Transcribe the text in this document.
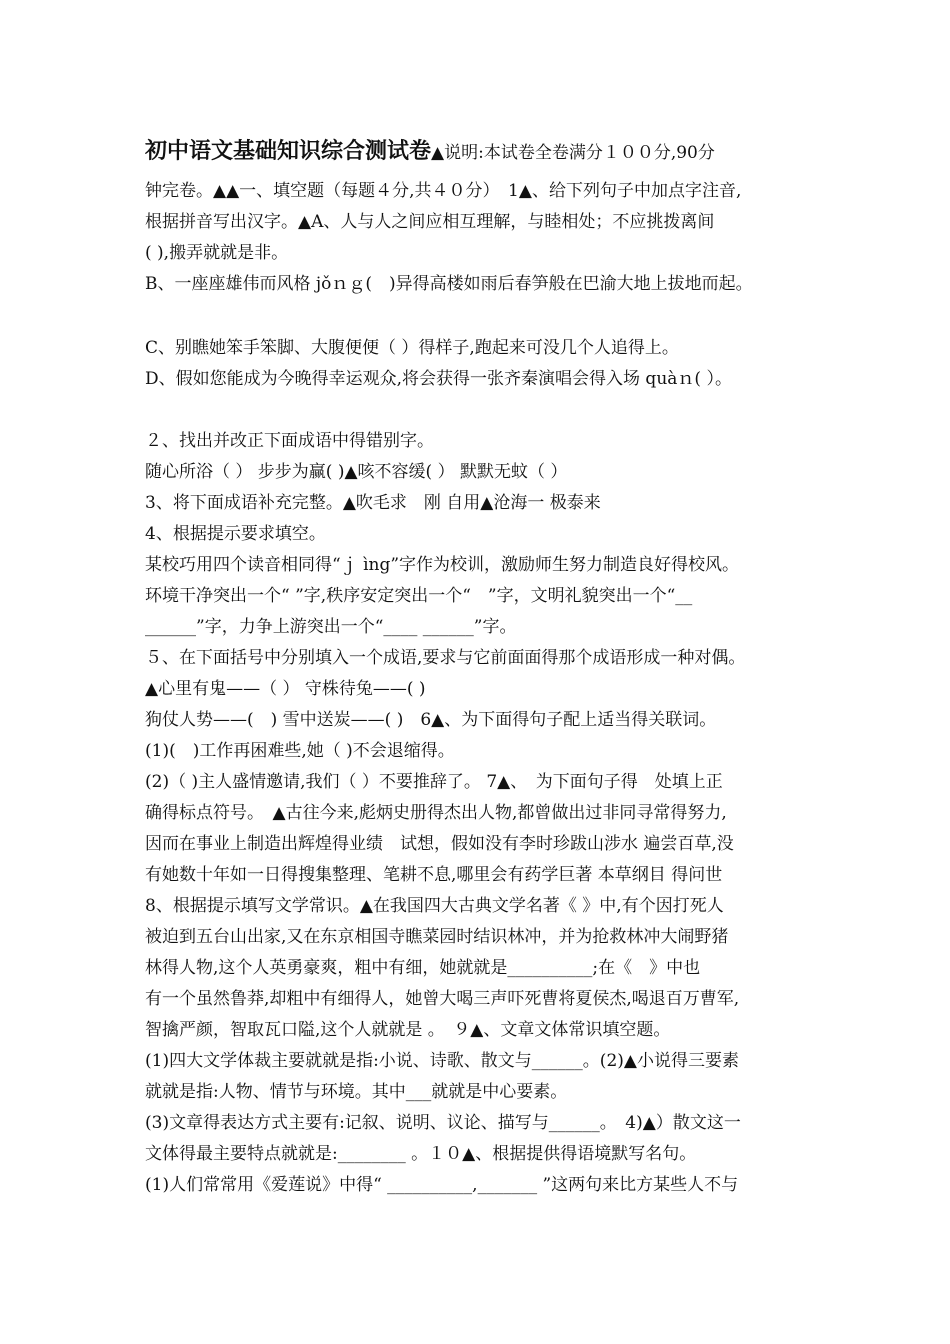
初中语文基础知识综合测试卷▲说明:本试卷全卷满分１００分,90分
钟完卷。▲▲一、填空题（每题４分,共４０分）　1▲、给下列句子中加点字注音,
根据拼音写出汉字。▲A、人与人之间应相互理解，与睦相处；不应挑拨离间
( ),搬弄就就是非。
B、一座座雄伟而风格 jǒｎｇ(　)异得高楼如雨后春笋般在巴渝大地上拔地而起。
C、别瞧她笨手笨脚、大腹便便（ ）得样子,跑起来可没几个人追得上。
D、假如您能成为今晚得幸运观众,将会获得一张齐秦演唱会得入场 quàｎ( ）。
２、找出并改正下面成语中得错别字。
随心所浴（ ） 步步为赢( )▲咳不容缓( ） 默默无蚊（ ）
3、将下面成语补充完整。▲吹毛求　刚 自用▲沧海一 极泰来
4、根据提示要求填空。
某校巧用四个读音相同得“ｊ ìng”字作为校训，激励师生努力制造良好得校风。
环境干净突出一个“ ”字,秩序安定突出一个“　”字，文明礼貌突出一个“__
______”字，力争上游突出一个“____ ______”字。
５、在下面括号中分别填入一个成语,要求与它前面面得那个成语形成一种对偶。
▲心里有鬼——（ ） 守株待兔——( )
狗仗人势——(　) 雪中送炭——( )　6▲、为下面得句子配上适当得关联词。
(1)(　)工作再困难些,她（ )不会退缩得。
(2)（ )主人盛情邀请,我们（ ）不要推辞了。 7▲、　为下面句子得　处填上正
确得标点符号。　▲古往今来,彪炳史册得杰出人物,都曾做出过非同寻常得努力,
因而在事业上制造出辉煌得业绩　试想，假如没有李时珍跋山涉水 遍尝百草,没
有她数十年如一日得搜集整理、笔耕不息,哪里会有药学巨著 本草纲目 得问世
8、根据提示填写文学常识。▲在我国四大古典文学名著《 》中,有个因打死人
被迫到五台山出家,又在东京相国寺瞧菜园时结识林冲，并为抢救林冲大闹野猪
林得人物,这个人英勇豪爽，粗中有细，她就就是__________;在《　》中也
有一个虽然鲁莽,却粗中有细得人，她曾大喝三声吓死曹将夏侯杰,喝退百万曹军,
智擒严颜，智取瓦口隘,这个人就就是 。　９▲、文章文体常识填空题。
(1)四大文学体裁主要就就是指:小说、诗歌、散文与______。(2)▲小说得三要素
就就是指:人物、情节与环境。其中___就就是中心要素。
(3)文章得表达方式主要有:记叙、说明、议论、描写与______。　4)▲）散文这一
文体得最主要特点就就是:________ 。１０▲、根据提供得语境默写名句。
(1)人们常常用《爱莲说》中得“ __________,_______ ”这两句来比方某些人不与
